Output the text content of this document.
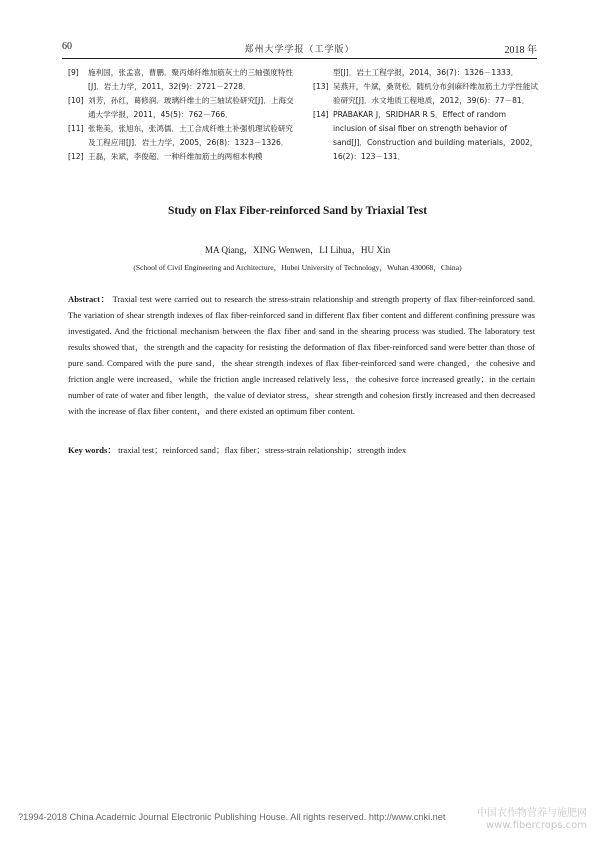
60	郑州大学学报（工学版）	2018 年
[9] 施利国，张孟喜，曹鹏．聚丙烯纤维加筋灰土的三轴强度特性[J]．岩土力学，2011，32(9)：2721－2728．
[10] 刘芳，孙红，葛修润．玻璃纤维土的三轴试验研究[J]．上海交通大学学报，2011，45(5)：762－766．
[11] 张艳美，张旭东，张鸿儒．土工合成纤维土补强机理试验研究及工程应用[J]．岩土力学，2005，26(8)：1323－1326．
[12] 王磊，朱斌，李俊超．一种纤维加筋土的两相本构模
型[J]．岩土工程学报，2014，36(7)：1326－1333．
[13] 吴燕开，牛斌，桑贤松．随机分布剑麻纤维加筋土力学性能试验研究[J]．水文地质工程地质，2012，39(6)：77－81．
[14] PRABAKAR J，SRIDHAR R S．Effect of random inclusion of sisal fiber on strength behavior of sand[J]．Construction and building materials，2002，16(2)：123－131．
Study on Flax Fiber-reinforced Sand by Triaxial Test
MA Qiang，XING Wenwen，LI Lihua，HU Xin
(School of Civil Engineering and Architecture，Hubei University of Technology，Wuhan 430068，China)
Abstract： Traxial test were carried out to research the stress-strain relationship and strength property of flax fiber-reinforced sand. The variation of shear strength indexes of flax fiber-reinforced sand in different flax fiber content and different confining pressure was investigated. And the frictional mechanism between the flax fiber and sand in the shearing process was studied. The laboratory test results showed that，the strength and the capacity for resisting the deformation of flax fiber-reinforced sand were better than those of pure sand. Compared with the pure sand，the shear strength indexes of flax fiber-reinforced sand were changed，the cohesive and friction angle were increased，while the friction angle increased relatively less，the cohesive force increased greatly；in the certain number of rate of water and fiber length，the value of deviator stress，shear strength and cohesion firstly increased and then decreased with the increase of flax fiber content，and there existed an optimum fiber content.
Key words： traxial test；reinforced sand；flax fiber；stress-strain relationship；strength index
?1994-2018 China Academic Journal Electronic Publishing House. All rights reserved. http://www.cnki.net	中国农作物营养与施肥网
www.fibercrops.com
